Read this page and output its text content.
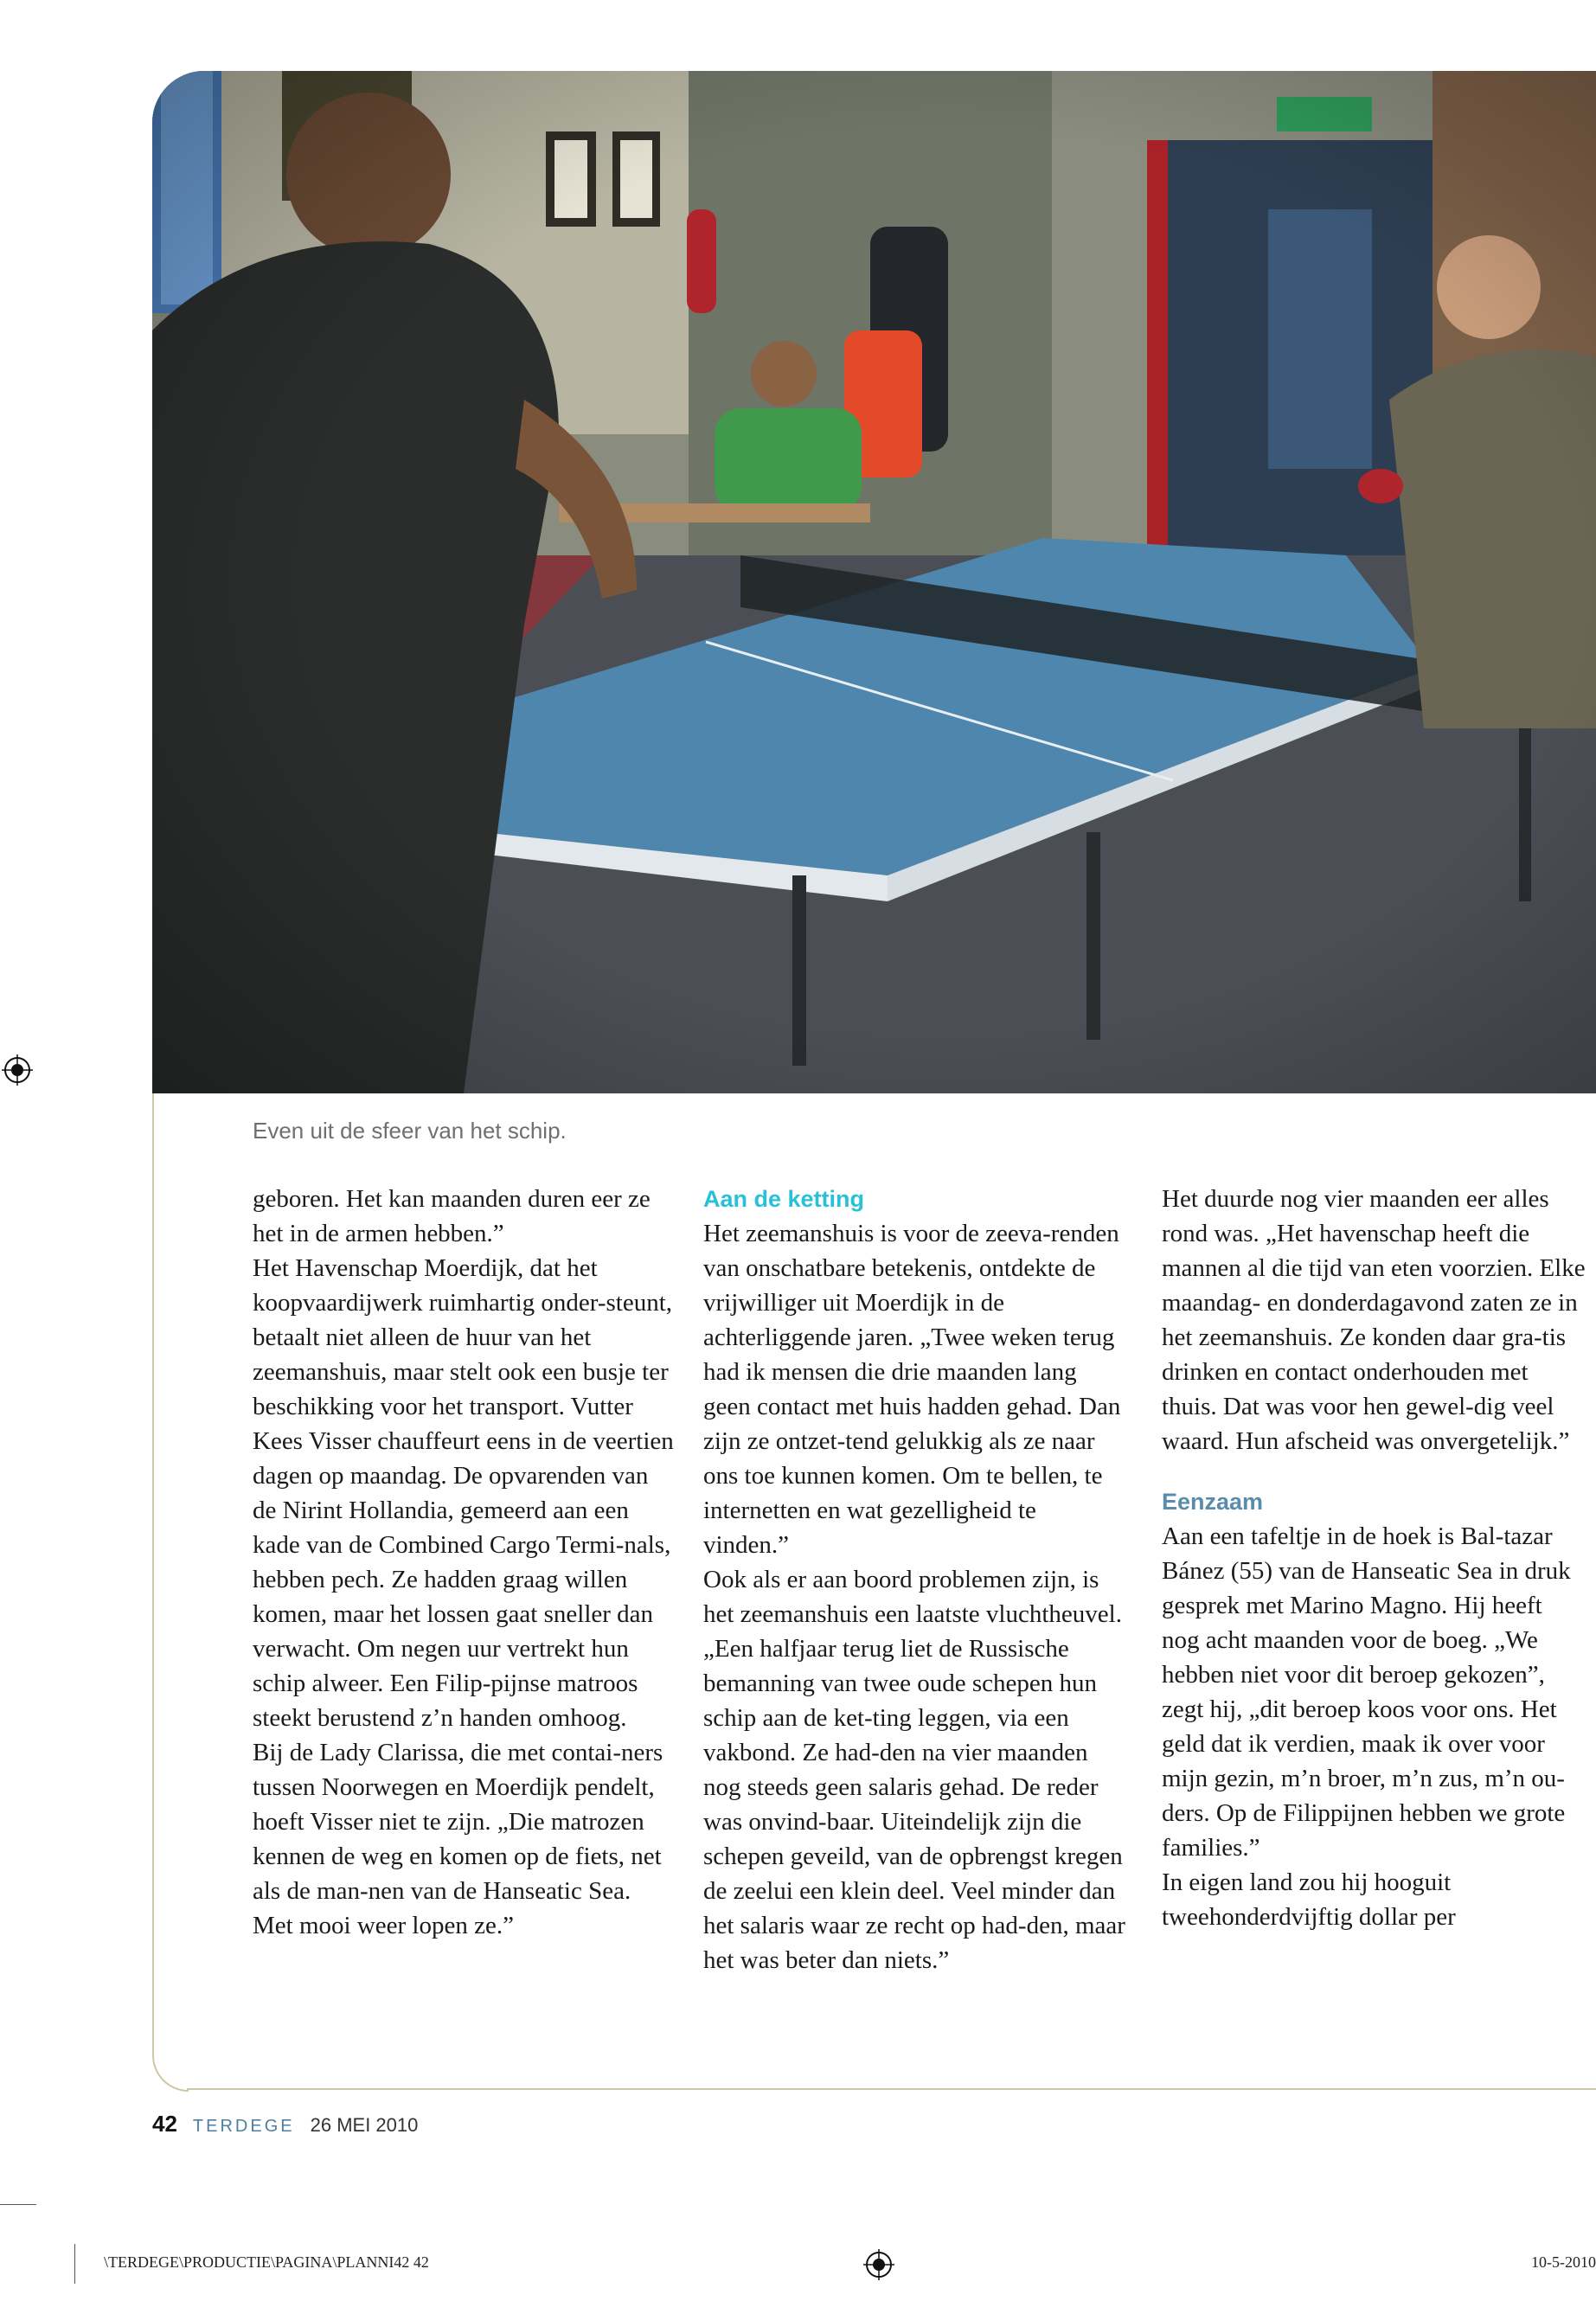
Even uit de sfeer van het schip.

geboren. Het kan maanden duren eer ze het in de armen hebben.”

Het Havenschap Moerdijk, dat het koopvaardijwerk ruimhartig onder-steunt, betaalt niet alleen de huur van het zeemanshuis, maar stelt ook een busje ter beschikking voor het transport. Vutter Kees Visser chauffeurt eens in de veertien dagen op maandag. De opvarenden van de Nirint Hollandia, gemeerd aan een kade van de Combined Cargo Termi-nals, hebben pech. Ze hadden graag willen komen, maar het lossen gaat sneller dan verwacht. Om negen uur vertrekt hun schip alweer. Een Filip-pijnse matroos steekt berustend z’n handen omhoog.

Bij de Lady Clarissa, die met contai-ners tussen Noorwegen en Moerdijk pendelt, hoeft Visser niet te zijn. „Die matrozen kennen de weg en komen op de fiets, net als de man-nen van de Hanseatic Sea. Met mooi weer lopen ze.”

Aan de ketting

Het zeemanshuis is voor de zeeva-renden van onschatbare betekenis, ontdekte de vrijwilliger uit Moerdijk in de achterliggende jaren. „Twee weken terug had ik mensen die drie maanden lang geen contact met huis hadden gehad. Dan zijn ze ontzet-tend gelukkig als ze naar ons toe kunnen komen. Om te bellen, te internetten en wat gezelligheid te vinden.”

Ook als er aan boord problemen zijn, is het zeemanshuis een laatste vluchtheuvel. „Een halfjaar terug liet de Russische bemanning van twee oude schepen hun schip aan de ket-ting leggen, via een vakbond. Ze had-den na vier maanden nog steeds geen salaris gehad. De reder was onvind-baar. Uiteindelijk zijn die schepen geveild, van de opbrengst kregen de zeelui een klein deel. Veel minder dan het salaris waar ze recht op had-den, maar het was beter dan niets.”

Het duurde nog vier maanden eer alles rond was. „Het havenschap heeft die mannen al die tijd van eten voorzien. Elke maandag- en donderdagavond zaten ze in het zeemanshuis. Ze konden daar gra-tis drinken en contact onderhouden met thuis. Dat was voor hen gewel-dig veel waard. Hun afscheid was onvergetelijk.”

Eenzaam

Aan een tafeltje in de hoek is Bal-tazar Bánez (55) van de Hanseatic Sea in druk gesprek met Marino Magno. Hij heeft nog acht maanden voor de boeg. „We hebben niet voor dit beroep gekozen”, zegt hij, „dit beroep koos voor ons. Het geld dat ik verdien, maak ik over voor mijn gezin, m’n broer, m’n zus, m’n ou-ders. Op de Filippijnen hebben we grote families.”

In eigen land zou hij hooguit tweehonderdvijftig dollar per

42 TERDEGE 26 MEI 2010
\TERDEGE\PRODUCTIE\PAGINA\PLANNI42 42	10-5-2010
